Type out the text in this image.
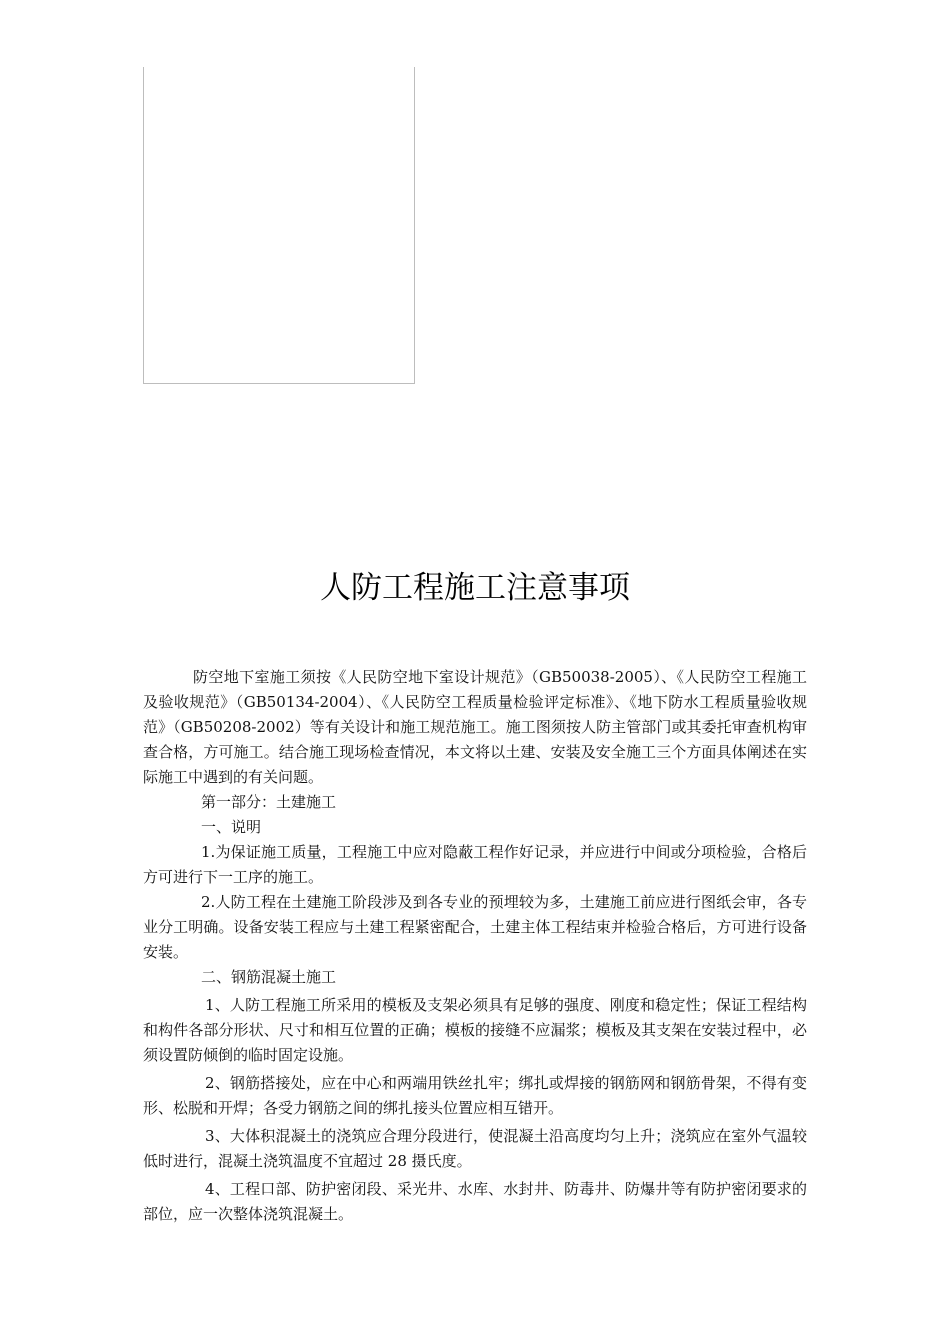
人防工程施工注意事项

防空地下室施工须按《人民防空地下室设计规范》（GB50038-2005）、《人民防空工程施工及验收规范》（GB50134-2004）、《人民防空工程质量检验评定标准》、《地下防水工程质量验收规范》（GB50208-2002）等有关设计和施工规范施工。施工图须按人防主管部门或其委托审查机构审查合格，方可施工。结合施工现场检查情况，本文将以土建、安装及安全施工三个方面具体阐述在实际施工中遇到的有关问题。

第一部分：土建施工

一、说明

1.为保证施工质量，工程施工中应对隐蔽工程作好记录，并应进行中间或分项检验，合格后方可进行下一工序的施工。

2.人防工程在土建施工阶段涉及到各专业的预埋较为多，土建施工前应进行图纸会审，各专业分工明确。设备安装工程应与土建工程紧密配合，土建主体工程结束并检验合格后，方可进行设备安装。

二、钢筋混凝土施工

1、人防工程施工所采用的模板及支架必须具有足够的强度、刚度和稳定性；保证工程结构和构件各部分形状、尺寸和相互位置的正确；模板的接缝不应漏浆；模板及其支架在安装过程中，必须设置防倾倒的临时固定设施。

2、钢筋搭接处，应在中心和两端用铁丝扎牢；绑扎或焊接的钢筋网和钢筋骨架，不得有变形、松脱和开焊；各受力钢筋之间的绑扎接头位置应相互错开。

3、大体积混凝土的浇筑应合理分段进行，使混凝土沿高度均匀上升；浇筑应在室外气温较低时进行，混凝土浇筑温度不宜超过 28 摄氏度。

4、工程口部、防护密闭段、采光井、水库、水封井、防毒井、防爆井等有防护密闭要求的部位，应一次整体浇筑混凝土。
